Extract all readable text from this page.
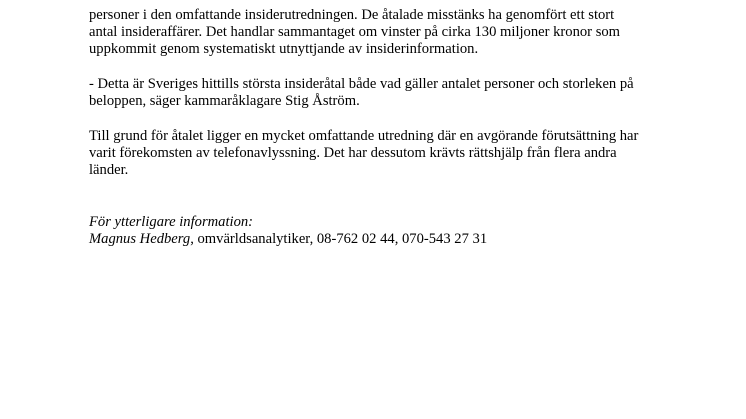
personer i den omfattande insiderutredningen. De åtalade misstänks ha genomfört ett stort
antal insideraffärer. Det handlar sammantaget om vinster på cirka 130 miljoner kronor som
uppkommit genom systematiskt utnyttjande av insiderinformation.
- Detta är Sveriges hittills största insideråtal både vad gäller antalet personer och storleken på
beloppen, säger kammaråklagare Stig Åström.
Till grund för åtalet ligger en mycket omfattande utredning där en avgörande förutsättning har
varit förekomsten av telefonavlyssning. Det har dessutom krävts rättshjälp från flera andra
länder.
För ytterligare information:
Magnus Hedberg, omvärldsanalytiker, 08-762 02 44, 070-543 27 31
